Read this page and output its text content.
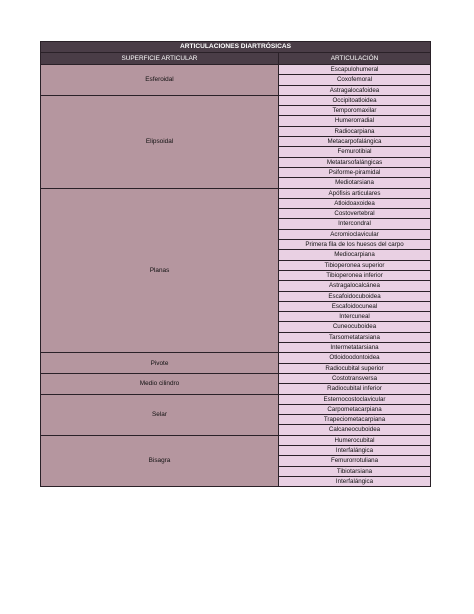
ARTICULACIONES DIARTRÓSICAS
SUPERFICIE ARTICULAR	ARTICULACIÓN
Esferoidal
Escapulohumeral
Coxofemoral
Astragalocafoidea
Elipsoidal
Occipitoatloidea
Temporomaxilar
Humerorradial
Radiocarpiana
Metacarpofalángica
Femurotibial
Metatarsofalángicas
Psiforme-piramidal
Mediotarsiana
Planas
Apófisis articulares
Atloidoaxoidea
Costovertebral
Intercondral
Acromioclavicular
Primera fila de los huesos del carpo
Mediocarpiana
Tibioperonea superior
Tibioperonea inferior
Astragalocalcánea
Escafoidocuboidea
Escafoidocuneal
Intercuneal
Cuneocuboidea
Tarsometatarsiana
Intermetatarsiana
Pivote
Otloidoodontoidea
Radiocubital superior
Medio cilindro
Costotransversa
Radiocubital inferior
Selar
Esternocostoclavicular
Carpometacarpiana
Trapeciometacarpiana
Calcaneocuboidea
Bisagra
Humerocubital
Interfalángica
Femurorrotuliana
Tibiotarsiana
Interfalángica
